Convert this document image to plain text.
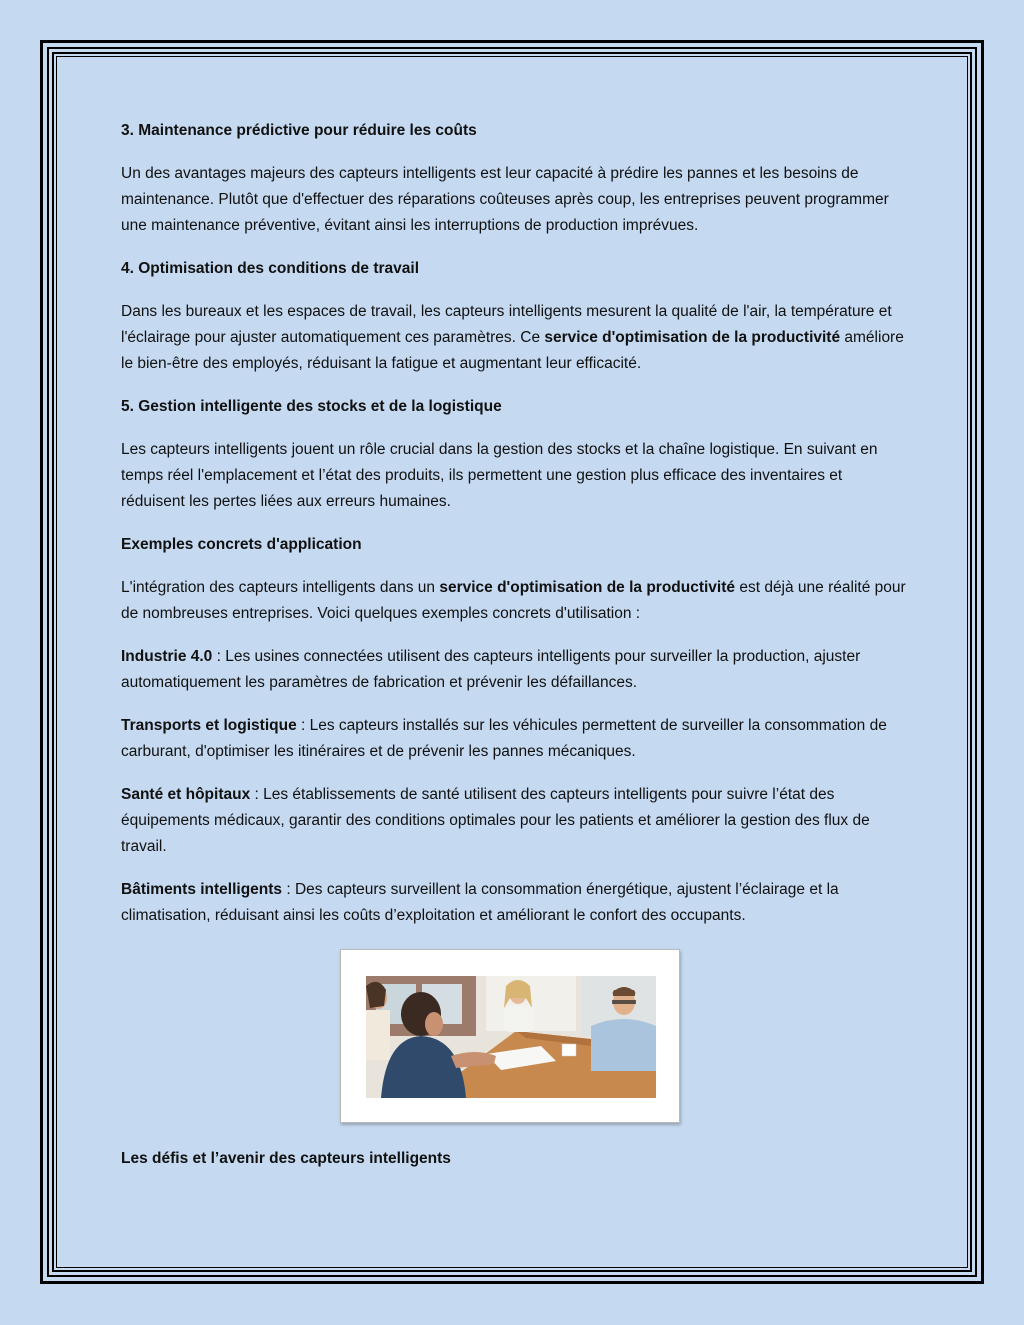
3. Maintenance prédictive pour réduire les coûts

Un des avantages majeurs des capteurs intelligents est leur capacité à prédire les pannes et les besoins de maintenance. Plutôt que d'effectuer des réparations coûteuses après coup, les entreprises peuvent programmer une maintenance préventive, évitant ainsi les interruptions de production imprévues.

4. Optimisation des conditions de travail

Dans les bureaux et les espaces de travail, les capteurs intelligents mesurent la qualité de l'air, la température et l'éclairage pour ajuster automatiquement ces paramètres. Ce service d'optimisation de la productivité améliore le bien-être des employés, réduisant la fatigue et augmentant leur efficacité.

5. Gestion intelligente des stocks et de la logistique

Les capteurs intelligents jouent un rôle crucial dans la gestion des stocks et la chaîne logistique. En suivant en temps réel l'emplacement et l’état des produits, ils permettent une gestion plus efficace des inventaires et réduisent les pertes liées aux erreurs humaines.

Exemples concrets d'application

L'intégration des capteurs intelligents dans un service d'optimisation de la productivité est déjà une réalité pour de nombreuses entreprises. Voici quelques exemples concrets d'utilisation :

Industrie 4.0 : Les usines connectées utilisent des capteurs intelligents pour surveiller la production, ajuster automatiquement les paramètres de fabrication et prévenir les défaillances.

Transports et logistique : Les capteurs installés sur les véhicules permettent de surveiller la consommation de carburant, d'optimiser les itinéraires et de prévenir les pannes mécaniques.

Santé et hôpitaux : Les établissements de santé utilisent des capteurs intelligents pour suivre l’état des équipements médicaux, garantir des conditions optimales pour les patients et améliorer la gestion des flux de travail.

Bâtiments intelligents : Des capteurs surveillent la consommation énergétique, ajustent l’éclairage et la climatisation, réduisant ainsi les coûts d’exploitation et améliorant le confort des occupants.

Les défis et l’avenir des capteurs intelligents
